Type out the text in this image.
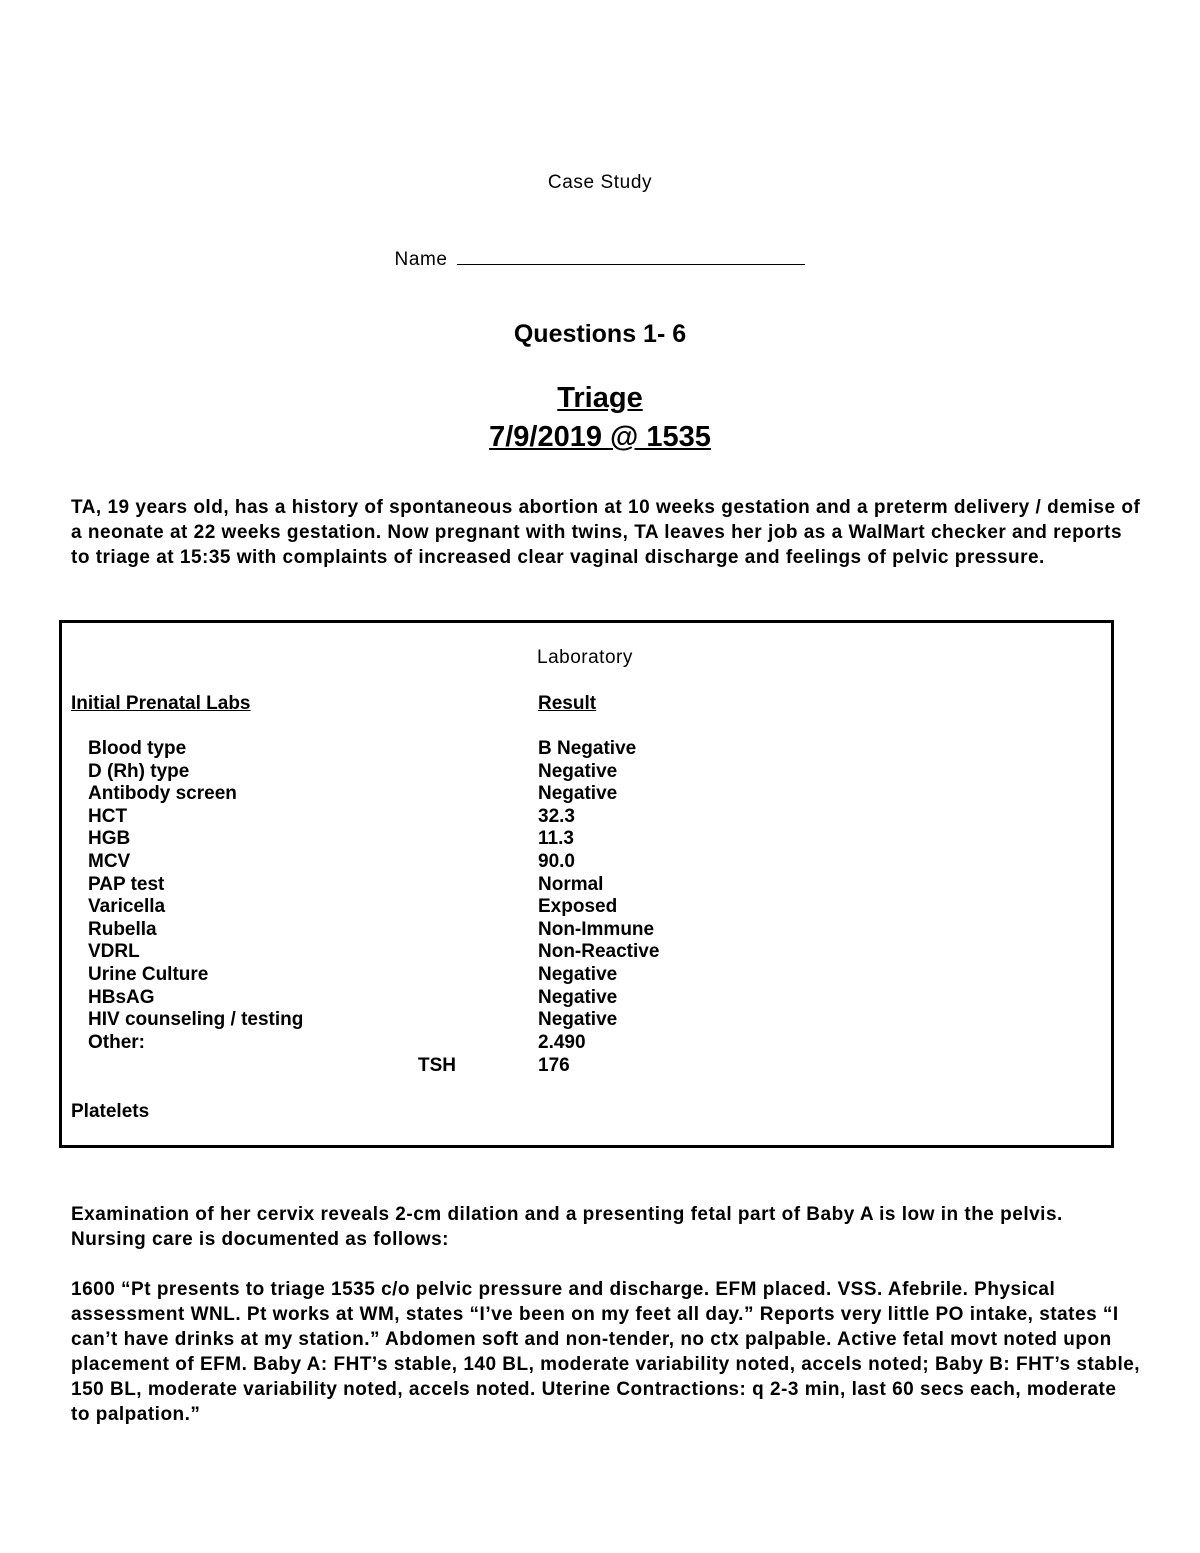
Case Study
Name
Questions 1- 6
Triage
7/9/2019 @ 1535
TA, 19 years old, has a history of spontaneous abortion at 10 weeks gestation and a preterm delivery / demise of a neonate at 22 weeks gestation. Now pregnant with twins, TA leaves her job as a WalMart checker and reports to triage at 15:35 with complaints of increased clear vaginal discharge and feelings of pelvic pressure.
Laboratory
Initial Prenatal Labs	Result
Blood type	B Negative
D (Rh) type	Negative
Antibody screen	Negative
HCT	32.3
HGB	11.3
MCV	90.0
PAP test	Normal
Varicella	Exposed
Rubella	Non-Immune
VDRL	Non-Reactive
Urine Culture	Negative
HBsAG	Negative
HIV counseling / testing	Negative
Other:	2.490
TSH	176
Platelets
Examination of her cervix reveals 2-cm dilation and a presenting fetal part of Baby A is low in the pelvis. Nursing care is documented as follows:
1600 “Pt presents to triage 1535 c/o pelvic pressure and discharge. EFM placed. VSS. Afebrile. Physical assessment WNL. Pt works at WM, states “I’ve been on my feet all day.” Reports very little PO intake, states “I can’t have drinks at my station.” Abdomen soft and non-tender, no ctx palpable. Active fetal movt noted upon placement of EFM. Baby A: FHT’s stable, 140 BL, moderate variability noted, accels noted; Baby B: FHT’s stable, 150 BL, moderate variability noted, accels noted. Uterine Contractions: q 2-3 min, last 60 secs each, moderate to palpation.”
